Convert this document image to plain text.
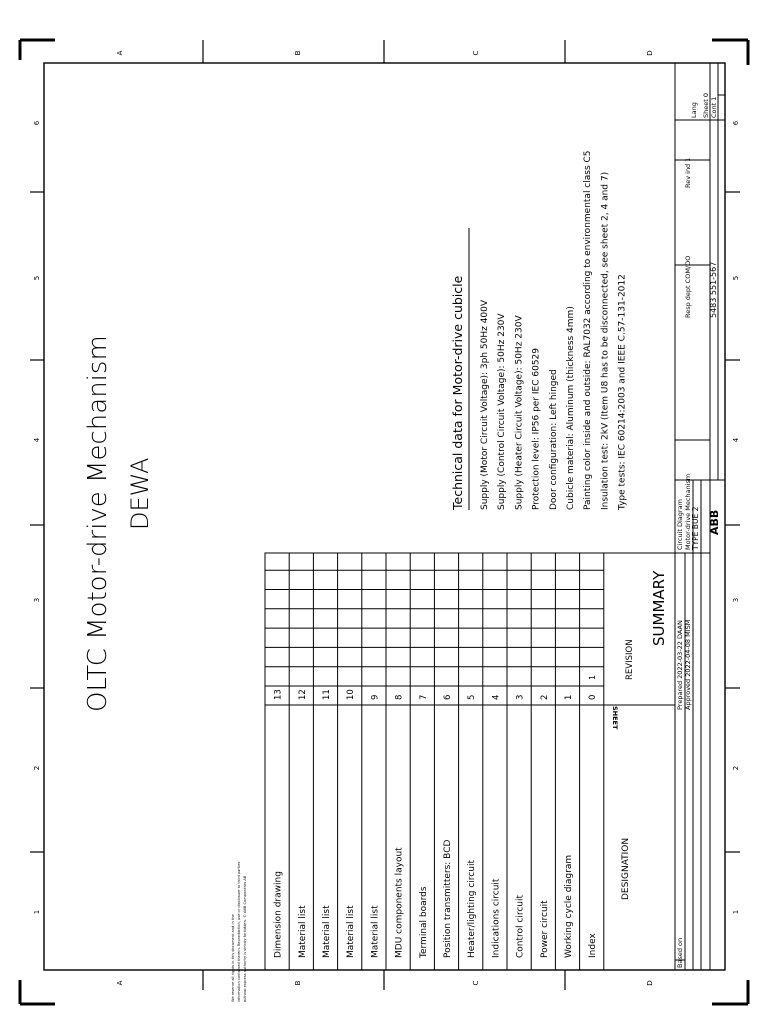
A	B	C	D
A	B	C	D
6
5
4
3
2
1
6
5
4
3
2
1
OLTC Motor-drive Mechanism DEWA	Technical data for Motor-drive cubicle Supply (Motor Circuit Voltage): 3ph 50Hz 400V Supply (Control Circuit Voltage): 50Hz 230V Supply (Heater Circuit Voltage): 50Hz 230V Protection level: IP56 per IEC 60529 Door configuration: Left hinged Cubicle material: Aluminum (thickness 4mm) Painting color inside and outside: RAL7032 according to environmental class C5 Insulation test: 2kV (Item U8 has to be disconnected, see sheet 2, 4 and 7) Type tests: IEC 60214:2003 and IEEE C.57-131-2012
Dimension drawing
13
Material list
12
Material list
11
Material list
10
Material list
9
MDU components layout
8
Terminal boards
7
Position transmitters: BCD
6
Heater/lighting circuit
5
Indications circuit
4
Control circuit
3
Power circuit
2
Working cycle diagram
1
Index
0
1
DESIGNATION
SHEET
REVISION
SUMMARY
Based on
Prepared 2022-03-22 DAAN Approved 2022-04-08 MISM
Circuit Diagram Motor-drive Mechanism TYPE BUE 2 ABB
Resp dept COM/OO 5483 551-567
Rev ind 1
Lang Sheet 0 Cont 1
We reserve all rights in this document and in the information contained therein. Reproduction, use or disclosure to third parties without express authority is strictly forbidden. © ABB Components AB
